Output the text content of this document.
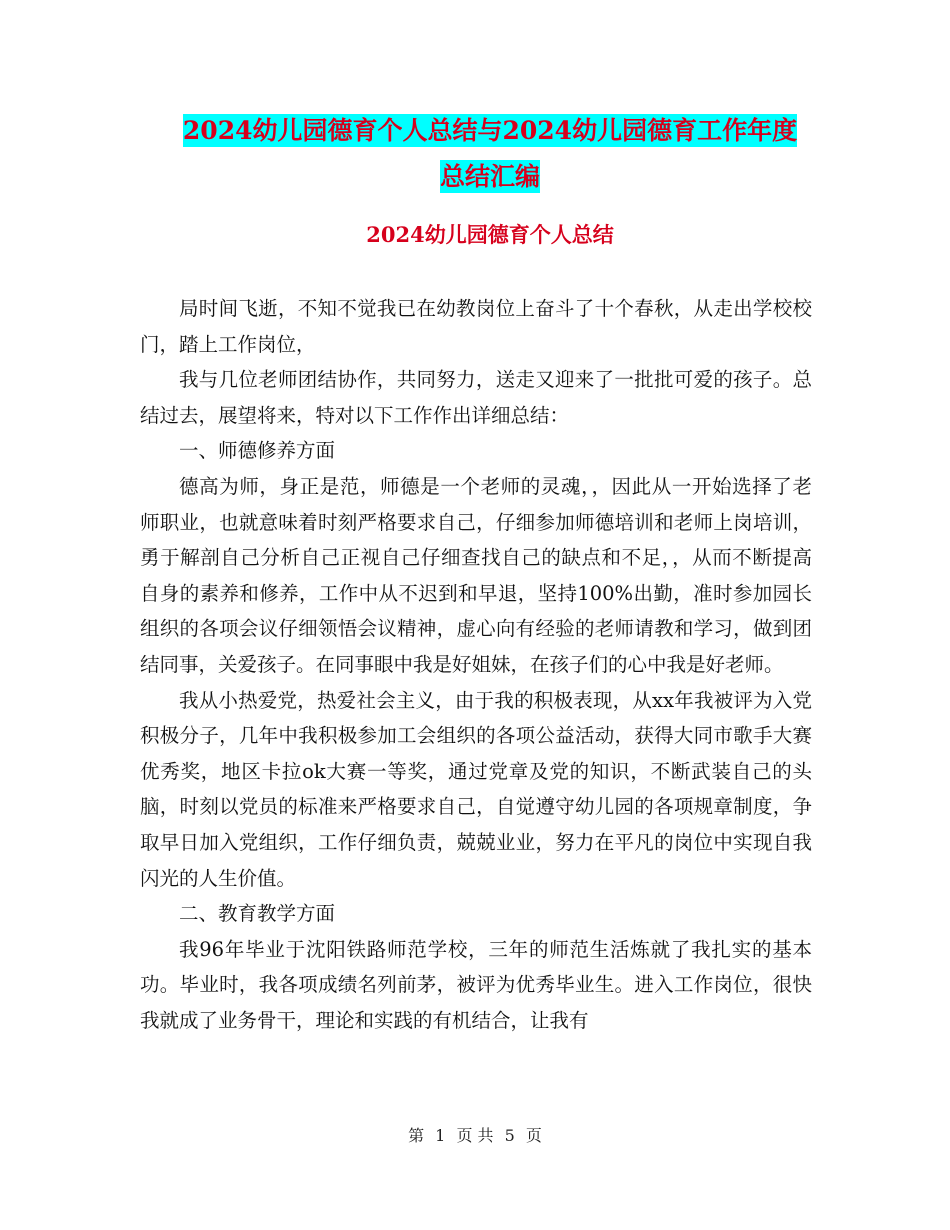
2024幼儿园德育个人总结与2024幼儿园德育工作年度
总结汇编
2024幼儿园德育个人总结

局时间飞逝，不知不觉我已在幼教岗位上奋斗了十个春秋，从走出学校校门，踏上工作岗位，

我与几位老师团结协作，共同努力，送走又迎来了一批批可爱的孩子。总结过去，展望将来，特对以下工作作出详细总结：

一、师德修养方面

德高为师，身正是范，师德是一个老师的灵魂，，因此从一开始选择了老师职业，也就意味着时刻严格要求自己，仔细参加师德培训和老师上岗培训，勇于解剖自己分析自己正视自己仔细查找自己的缺点和不足，，从而不断提高自身的素养和修养，工作中从不迟到和早退，坚持100%出勤，准时参加园长组织的各项会议仔细领悟会议精神，虚心向有经验的老师请教和学习，做到团结同事，关爱孩子。在同事眼中我是好姐妹，在孩子们的心中我是好老师。

我从小热爱党，热爱社会主义，由于我的积极表现，从xx年我被评为入党积极分子，几年中我积极参加工会组织的各项公益活动，获得大同市歌手大赛优秀奖，地区卡拉ok大赛一等奖，通过党章及党的知识，不断武装自己的头脑，时刻以党员的标准来严格要求自己，自觉遵守幼儿园的各项规章制度，争取早日加入党组织，工作仔细负责，兢兢业业，努力在平凡的岗位中实现自我闪光的人生价值。

二、教育教学方面

我96年毕业于沈阳铁路师范学校，三年的师范生活炼就了我扎实的基本功。毕业时，我各项成绩名列前茅，被评为优秀毕业生。进入工作岗位，很快我就成了业务骨干，理论和实践的有机结合，让我有

第 1 页 共 5 页
